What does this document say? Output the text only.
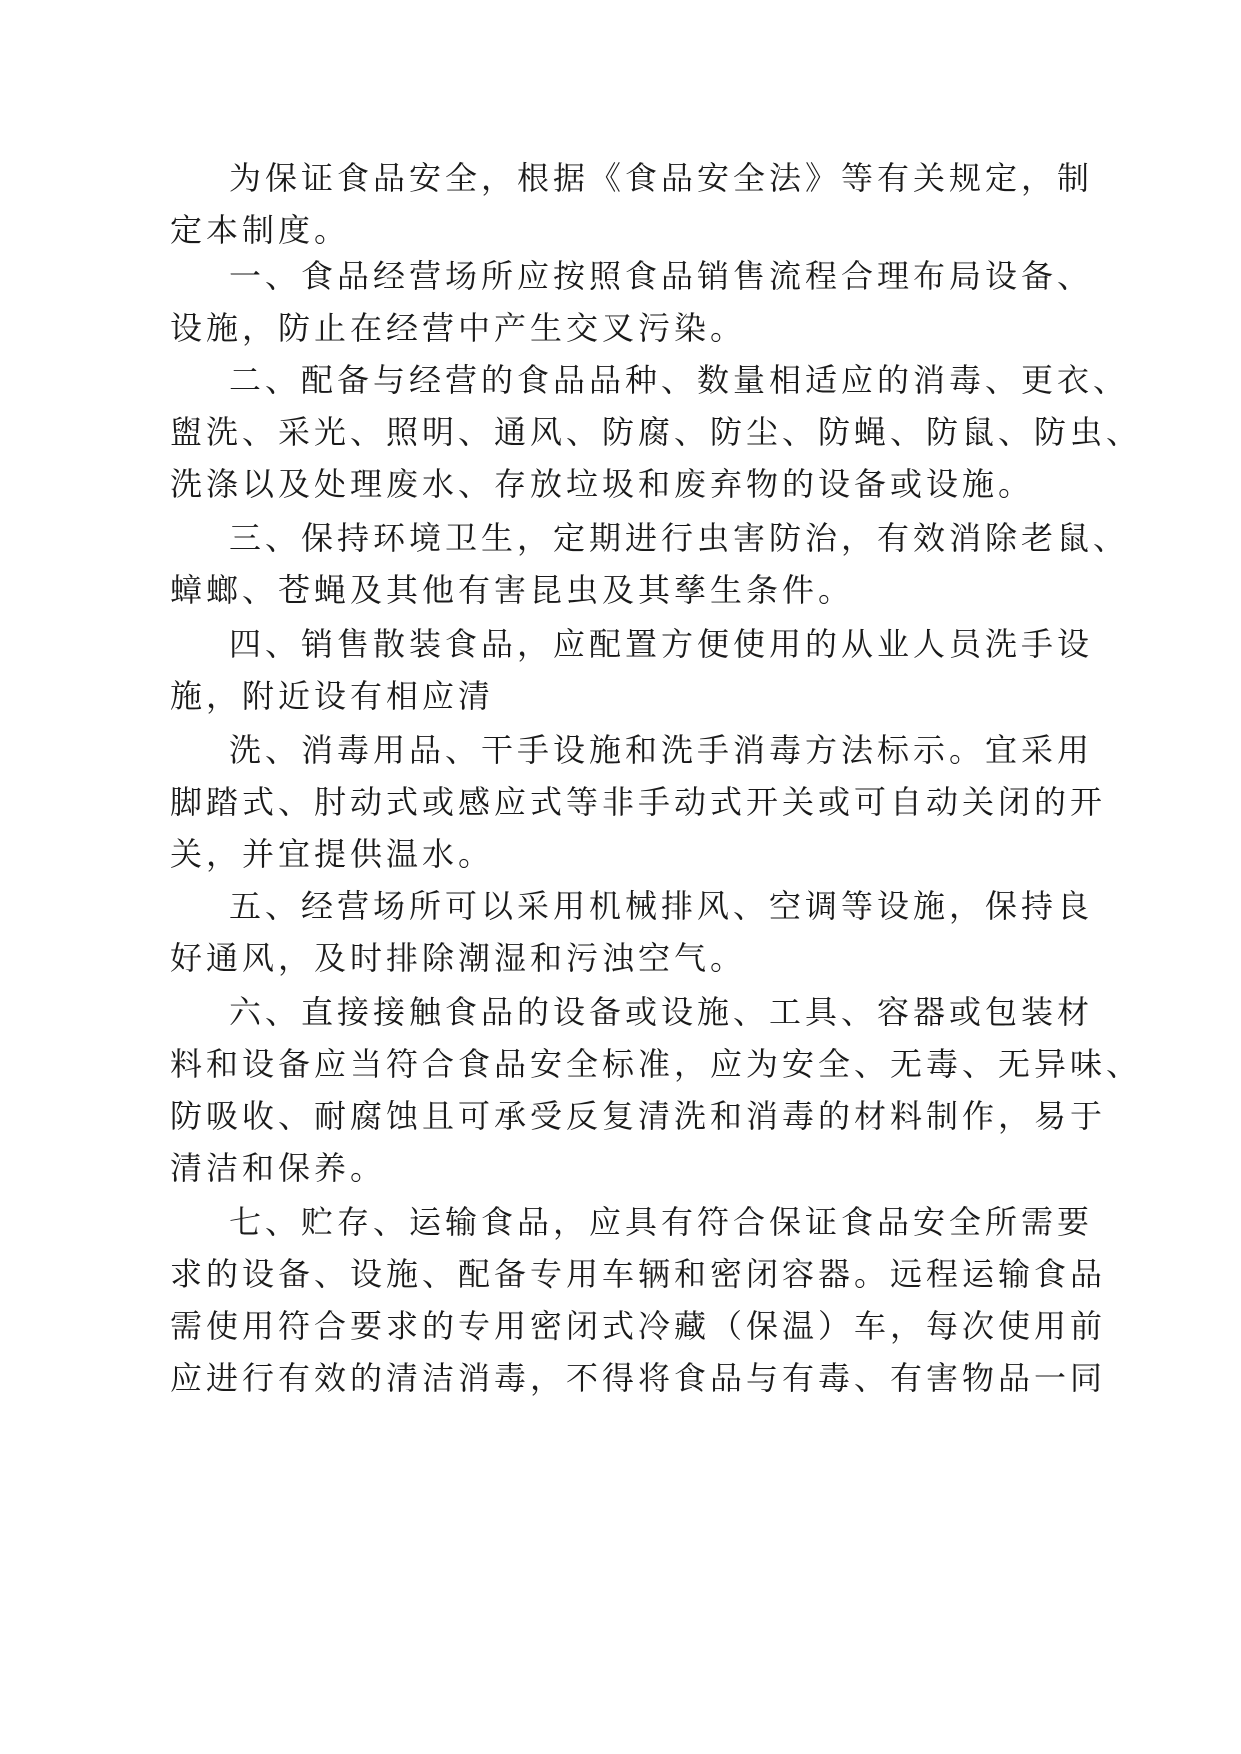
为保证食品安全，根据《食品安全法》等有关规定，制
定本制度。
一、食品经营场所应按照食品销售流程合理布局设备、
设施，防止在经营中产生交叉污染。
二、配备与经营的食品品种、数量相适应的消毒、更衣、
盥洗、采光、照明、通风、防腐、防尘、防蝇、防鼠、防虫、
洗涤以及处理废水、存放垃圾和废弃物的设备或设施。
三、保持环境卫生，定期进行虫害防治，有效消除老鼠、
蟑螂、苍蝇及其他有害昆虫及其孳生条件。
四、销售散装食品，应配置方便使用的从业人员洗手设
施，附近设有相应清
洗、消毒用品、干手设施和洗手消毒方法标示。宜采用
脚踏式、肘动式或感应式等非手动式开关或可自动关闭的开
关，并宜提供温水。
五、经营场所可以采用机械排风、空调等设施，保持良
好通风，及时排除潮湿和污浊空气。
六、直接接触食品的设备或设施、工具、容器或包装材
料和设备应当符合食品安全标准，应为安全、无毒、无异味、
防吸收、耐腐蚀且可承受反复清洗和消毒的材料制作，易于
清洁和保养。
七、贮存、运输食品，应具有符合保证食品安全所需要
求的设备、设施、配备专用车辆和密闭容器。远程运输食品
需使用符合要求的专用密闭式冷藏（保温）车，每次使用前
应进行有效的清洁消毒，不得将食品与有毒、有害物品一同
